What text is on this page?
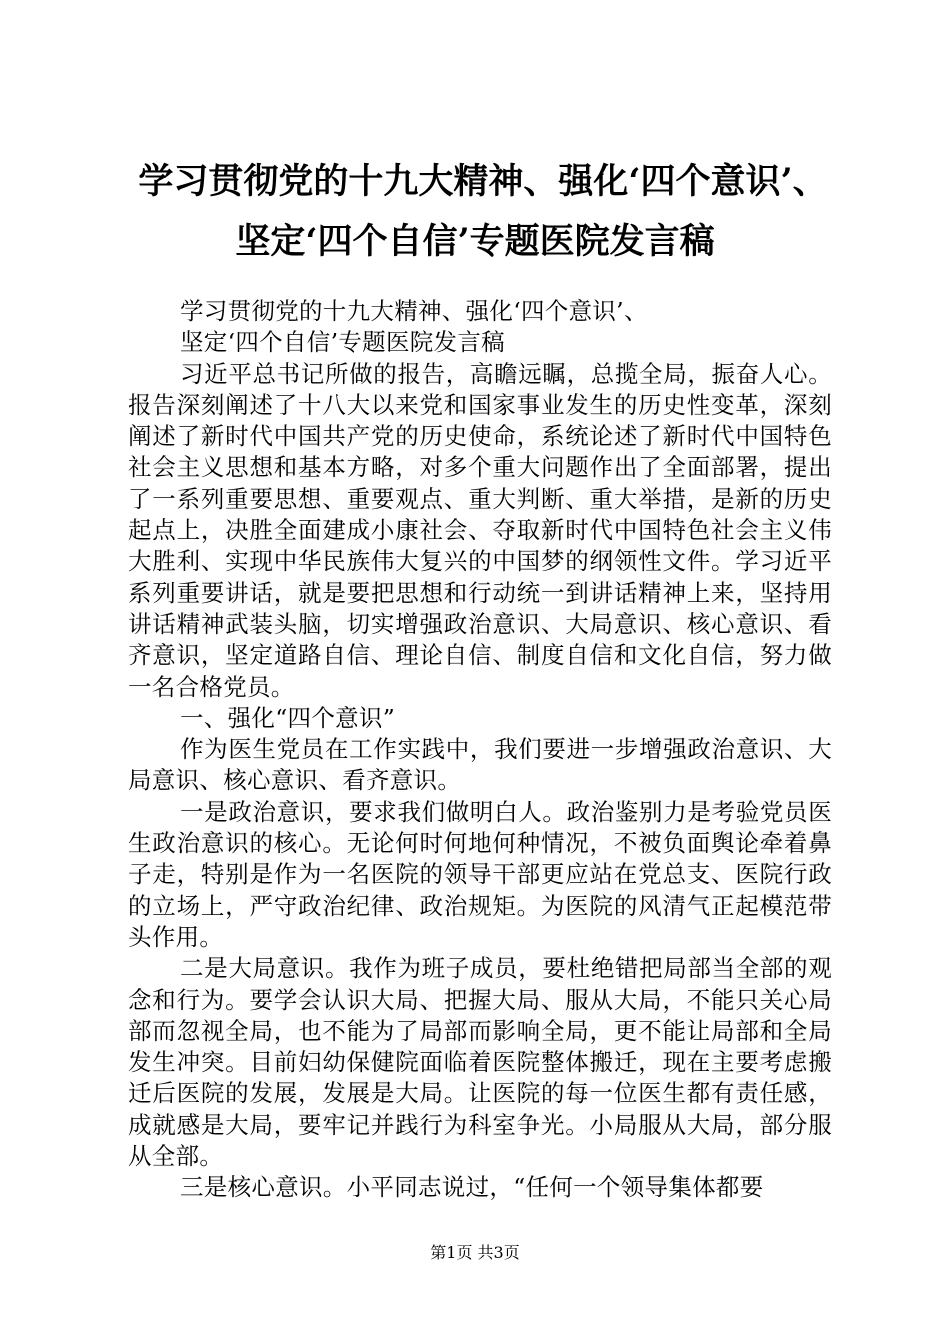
学习贯彻党的十九大精神、强化‘四个意识’、
坚定‘四个自信’专题医院发言稿

学习贯彻党的十九大精神、强化‘四个意识’、

坚定‘四个自信’专题医院发言稿

习近平总书记所做的报告，高瞻远瞩，总揽全局，振奋人心。报告深刻阐述了十八大以来党和国家事业发生的历史性变革，深刻阐述了新时代中国共产党的历史使命，系统论述了新时代中国特色社会主义思想和基本方略，对多个重大问题作出了全面部署，提出了一系列重要思想、重要观点、重大判断、重大举措，是新的历史起点上，决胜全面建成小康社会、夺取新时代中国特色社会主义伟大胜利、实现中华民族伟大复兴的中国梦的纲领性文件。学习近平系列重要讲话，就是要把思想和行动统一到讲话精神上来，坚持用讲话精神武装头脑，切实增强政治意识、大局意识、核心意识、看齐意识，坚定道路自信、理论自信、制度自信和文化自信，努力做一名合格党员。

一、强化“四个意识”

作为医生党员在工作实践中，我们要进一步增强政治意识、大局意识、核心意识、看齐意识。

一是政治意识，要求我们做明白人。政治鉴别力是考验党员医生政治意识的核心。无论何时何地何种情况，不被负面舆论牵着鼻子走，特别是作为一名医院的领导干部更应站在党总支、医院行政的立场上，严守政治纪律、政治规矩。为医院的风清气正起模范带头作用。

二是大局意识。我作为班子成员，要杜绝错把局部当全部的观念和行为。要学会认识大局、把握大局、服从大局，不能只关心局部而忽视全局，也不能为了局部而影响全局，更不能让局部和全局发生冲突。目前妇幼保健院面临着医院整体搬迁，现在主要考虑搬迁后医院的发展，发展是大局。让医院的每一位医生都有责任感，成就感是大局，要牢记并践行为科室争光。小局服从大局，部分服从全部。

三是核心意识。小平同志说过，“任何一个领导集体都要

第1页 共3页
